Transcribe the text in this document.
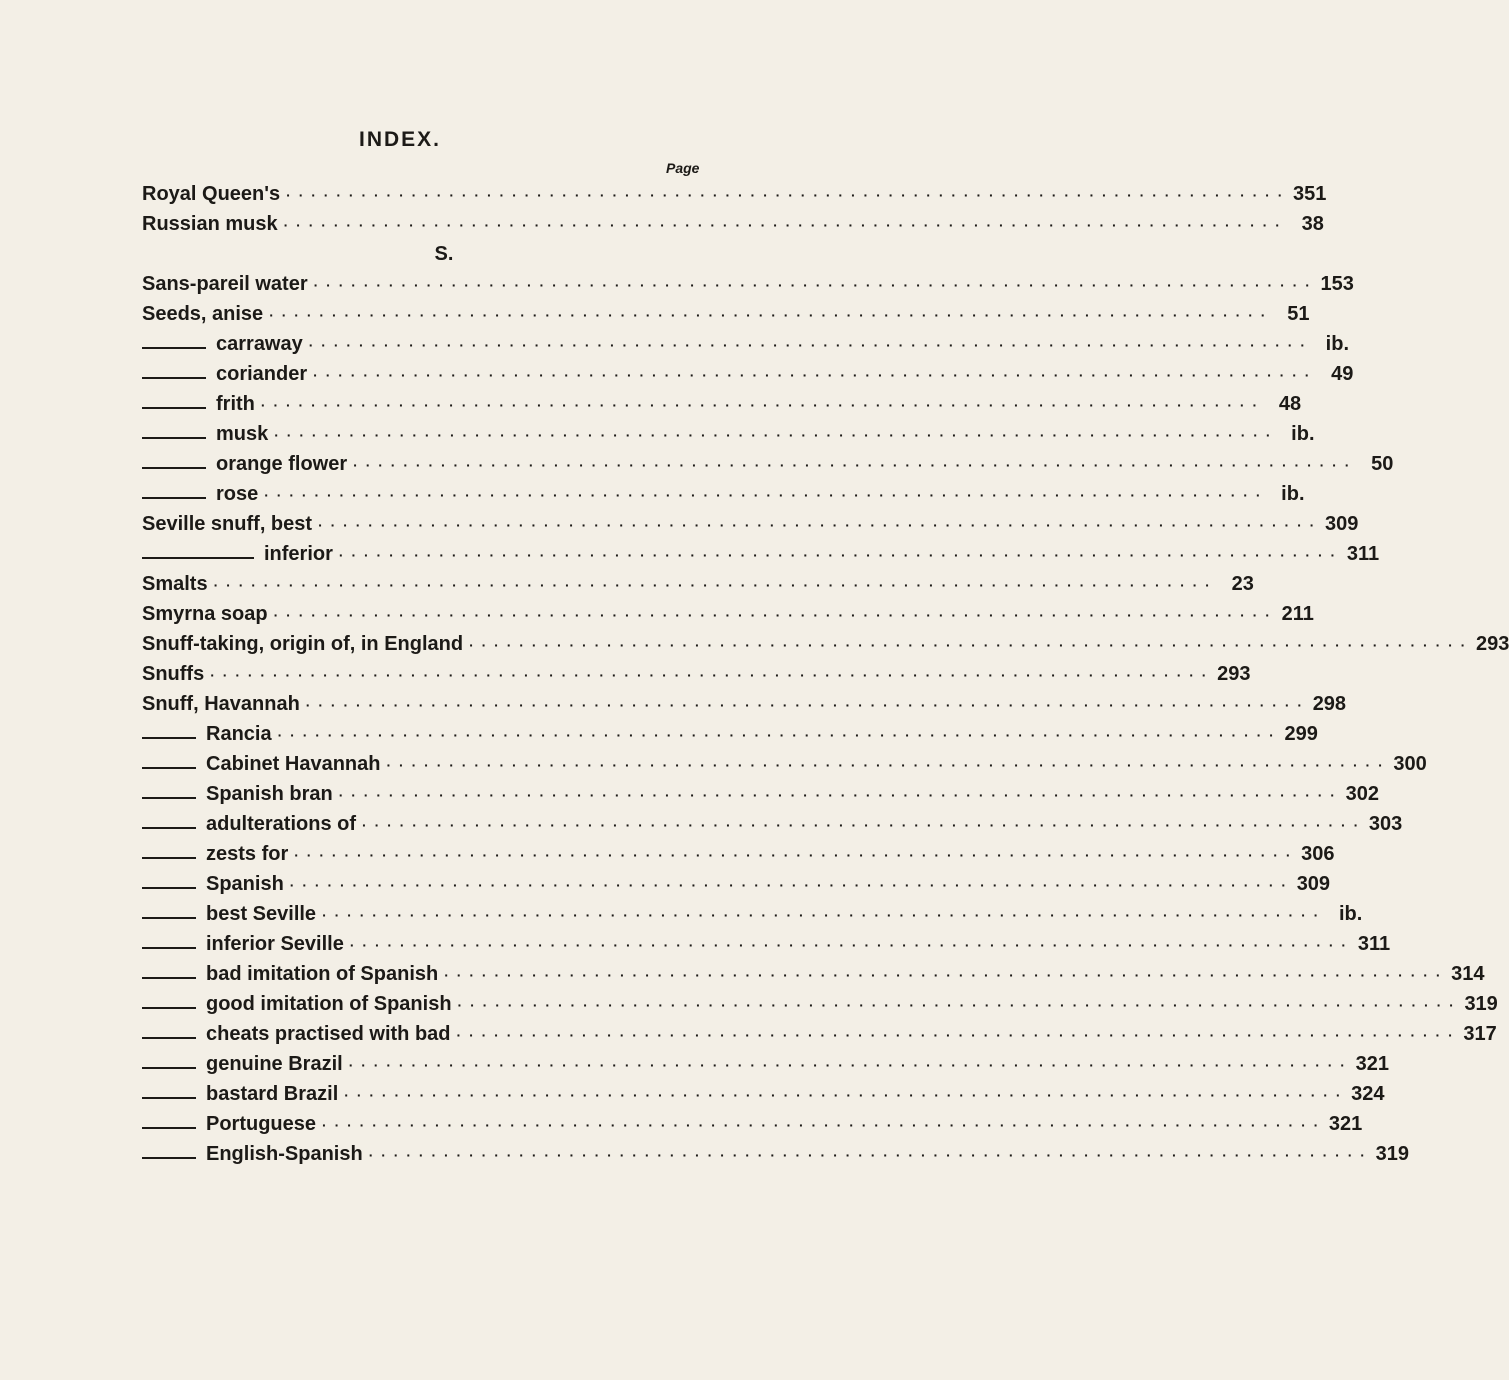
INDEX.
Page
Royal Queen's · · · · · · · · · · · · · · · · · · · · · · · · · · · · · · · · · · · · · · · · · · · · · · · · · · · · · · · · · · · · · · · · · · · · · · · · · · · · · · · · 351
Russian musk · · · · · · · · · · · · · · · · · · · · · · · · · · · · · · · · · · · · · · · · · · · · · · · · · · · · · · · · · · · · · · · · · · · · · · · · · · · · · · · · 38
S.
Sans-pareil water · · · · · · · · · · · · · · · · · · · · · · · · · · · · · · · · · · · · · · · · · · · · · · · · · · · · · · · · · · · · · · · · · · · · · · · · · · · · · · · · 153
Seeds, anise · · · · · · · · · · · · · · · · · · · · · · · · · · · · · · · · · · · · · · · · · · · · · · · · · · · · · · · · · · · · · · · · · · · · · · · · · · · · · · · · 51
carraway · · · · · · · · · · · · · · · · · · · · · · · · · · · · · · · · · · · · · · · · · · · · · · · · · · · · · · · · · · · · · · · · · · · · · · · · · · · · · · · · ib.
coriander · · · · · · · · · · · · · · · · · · · · · · · · · · · · · · · · · · · · · · · · · · · · · · · · · · · · · · · · · · · · · · · · · · · · · · · · · · · · · · · · 49
frith · · · · · · · · · · · · · · · · · · · · · · · · · · · · · · · · · · · · · · · · · · · · · · · · · · · · · · · · · · · · · · · · · · · · · · · · · · · · · · · · 48
musk · · · · · · · · · · · · · · · · · · · · · · · · · · · · · · · · · · · · · · · · · · · · · · · · · · · · · · · · · · · · · · · · · · · · · · · · · · · · · · · · ib.
orange flower · · · · · · · · · · · · · · · · · · · · · · · · · · · · · · · · · · · · · · · · · · · · · · · · · · · · · · · · · · · · · · · · · · · · · · · · · · · · · · · · 50
rose · · · · · · · · · · · · · · · · · · · · · · · · · · · · · · · · · · · · · · · · · · · · · · · · · · · · · · · · · · · · · · · · · · · · · · · · · · · · · · · · ib.
Seville snuff, best · · · · · · · · · · · · · · · · · · · · · · · · · · · · · · · · · · · · · · · · · · · · · · · · · · · · · · · · · · · · · · · · · · · · · · · · · · · · · · · · 309
inferior · · · · · · · · · · · · · · · · · · · · · · · · · · · · · · · · · · · · · · · · · · · · · · · · · · · · · · · · · · · · · · · · · · · · · · · · · · · · · · · · 311
Smalts · · · · · · · · · · · · · · · · · · · · · · · · · · · · · · · · · · · · · · · · · · · · · · · · · · · · · · · · · · · · · · · · · · · · · · · · · · · · · · · · 23
Smyrna soap · · · · · · · · · · · · · · · · · · · · · · · · · · · · · · · · · · · · · · · · · · · · · · · · · · · · · · · · · · · · · · · · · · · · · · · · · · · · · · · · 211
Snuff-taking, origin of, in England · · · · · · · · · · · · · · · · · · · · · · · · · · · · · · · · · · · · · · · · · · · · · · · · · · · · · · · · · · · · · · · · · · · · · · · · · · · · · · · · 293
Snuffs · · · · · · · · · · · · · · · · · · · · · · · · · · · · · · · · · · · · · · · · · · · · · · · · · · · · · · · · · · · · · · · · · · · · · · · · · · · · · · · · 293
Snuff, Havannah · · · · · · · · · · · · · · · · · · · · · · · · · · · · · · · · · · · · · · · · · · · · · · · · · · · · · · · · · · · · · · · · · · · · · · · · · · · · · · · · 298
Rancia · · · · · · · · · · · · · · · · · · · · · · · · · · · · · · · · · · · · · · · · · · · · · · · · · · · · · · · · · · · · · · · · · · · · · · · · · · · · · · · · 299
Cabinet Havannah · · · · · · · · · · · · · · · · · · · · · · · · · · · · · · · · · · · · · · · · · · · · · · · · · · · · · · · · · · · · · · · · · · · · · · · · · · · · · · · · 300
Spanish bran · · · · · · · · · · · · · · · · · · · · · · · · · · · · · · · · · · · · · · · · · · · · · · · · · · · · · · · · · · · · · · · · · · · · · · · · · · · · · · · · 302
adulterations of · · · · · · · · · · · · · · · · · · · · · · · · · · · · · · · · · · · · · · · · · · · · · · · · · · · · · · · · · · · · · · · · · · · · · · · · · · · · · · · · 303
zests for · · · · · · · · · · · · · · · · · · · · · · · · · · · · · · · · · · · · · · · · · · · · · · · · · · · · · · · · · · · · · · · · · · · · · · · · · · · · · · · · 306
Spanish · · · · · · · · · · · · · · · · · · · · · · · · · · · · · · · · · · · · · · · · · · · · · · · · · · · · · · · · · · · · · · · · · · · · · · · · · · · · · · · · 309
best Seville · · · · · · · · · · · · · · · · · · · · · · · · · · · · · · · · · · · · · · · · · · · · · · · · · · · · · · · · · · · · · · · · · · · · · · · · · · · · · · · · ib.
inferior Seville · · · · · · · · · · · · · · · · · · · · · · · · · · · · · · · · · · · · · · · · · · · · · · · · · · · · · · · · · · · · · · · · · · · · · · · · · · · · · · · · 311
bad imitation of Spanish · · · · · · · · · · · · · · · · · · · · · · · · · · · · · · · · · · · · · · · · · · · · · · · · · · · · · · · · · · · · · · · · · · · · · · · · · · · · · · · · 314
good imitation of Spanish · · · · · · · · · · · · · · · · · · · · · · · · · · · · · · · · · · · · · · · · · · · · · · · · · · · · · · · · · · · · · · · · · · · · · · · · · · · · · · · · 319
cheats practised with bad · · · · · · · · · · · · · · · · · · · · · · · · · · · · · · · · · · · · · · · · · · · · · · · · · · · · · · · · · · · · · · · · · · · · · · · · · · · · · · · · 317
genuine Brazil · · · · · · · · · · · · · · · · · · · · · · · · · · · · · · · · · · · · · · · · · · · · · · · · · · · · · · · · · · · · · · · · · · · · · · · · · · · · · · · · 321
bastard Brazil · · · · · · · · · · · · · · · · · · · · · · · · · · · · · · · · · · · · · · · · · · · · · · · · · · · · · · · · · · · · · · · · · · · · · · · · · · · · · · · · 324
Portuguese · · · · · · · · · · · · · · · · · · · · · · · · · · · · · · · · · · · · · · · · · · · · · · · · · · · · · · · · · · · · · · · · · · · · · · · · · · · · · · · · 321
English-Spanish · · · · · · · · · · · · · · · · · · · · · · · · · · · · · · · · · · · · · · · · · · · · · · · · · · · · · · · · · · · · · · · · · · · · · · · · · · · · · · · · 319
